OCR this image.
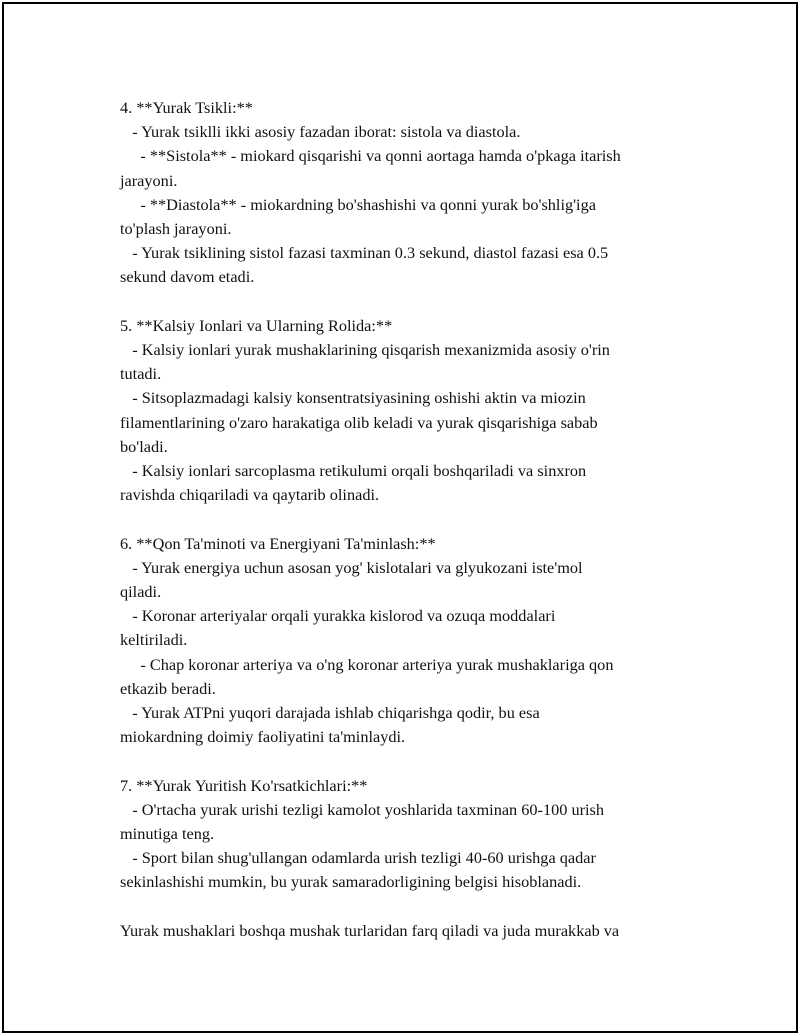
4. **Yurak Tsikli:**

- Yurak tsiklli ikki asosiy fazadan iborat: sistola va diastola.

- **Sistola** - miokard qisqarishi va qonni aortaga hamda o'pkaga itarish

jarayoni.

- **Diastola** - miokardning bo'shashishi va qonni yurak bo'shlig'iga

to'plash jarayoni.

- Yurak tsiklining sistol fazasi taxminan 0.3 sekund, diastol fazasi esa 0.5

sekund davom etadi.

5. **Kalsiy Ionlari va Ularning Rolida:**

- Kalsiy ionlari yurak mushaklarining qisqarish mexanizmida asosiy o'rin

tutadi.

- Sitsoplazmadagi kalsiy konsentratsiyasining oshishi aktin va miozin

filamentlarining o'zaro harakatiga olib keladi va yurak qisqarishiga sabab

bo'ladi.

- Kalsiy ionlari sarcoplasma retikulumi orqali boshqariladi va sinxron

ravishda chiqariladi va qaytarib olinadi.

6. **Qon Ta'minoti va Energiyani Ta'minlash:**

- Yurak energiya uchun asosan yog' kislotalari va glyukozani iste'mol

qiladi.

- Koronar arteriyalar orqali yurakka kislorod va ozuqa moddalari

keltiriladi.

- Chap koronar arteriya va o'ng koronar arteriya yurak mushaklariga qon

etkazib beradi.

- Yurak ATPni yuqori darajada ishlab chiqarishga qodir, bu esa

miokardning doimiy faoliyatini ta'minlaydi.

7. **Yurak Yuritish Ko'rsatkichlari:**

- O'rtacha yurak urishi tezligi kamolot yoshlarida taxminan 60-100 urish

minutiga teng.

- Sport bilan shug'ullangan odamlarda urish tezligi 40-60 urishga qadar

sekinlashishi mumkin, bu yurak samaradorligining belgisi hisoblanadi.

Yurak mushaklari boshqa mushak turlaridan farq qiladi va juda murakkab va
